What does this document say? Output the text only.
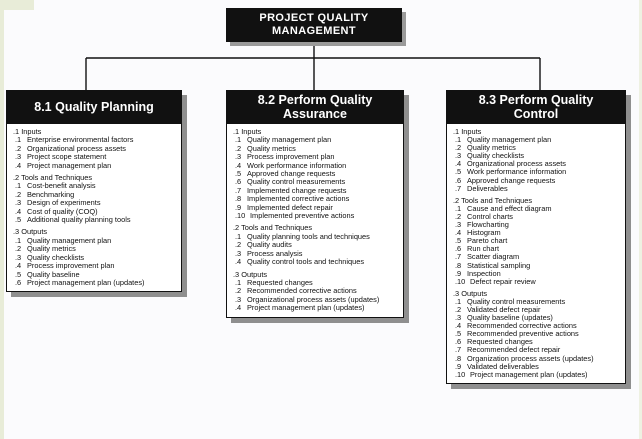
PROJECT QUALITY
MANAGEMENT
8.1 Quality Planning
.1 Inputs
.1 Enterprise environmental factors
.2 Organizational process assets
.3 Project scope statement
.4 Project management plan
.2 Tools and Techniques
.1 Cost-benefit analysis
.2 Benchmarking
.3 Design of experiments
.4 Cost of quality (COQ)
.5 Additional quality planning tools
.3 Outputs
.1 Quality management plan
.2 Quality metrics
.3 Quality checklists
.4 Process improvement plan
.5 Quality baseline
.6 Project management plan (updates)
8.2 Perform Quality
Assurance
.1 Inputs
.1 Quality management plan
.2 Quality metrics
.3 Process improvement plan
.4 Work performance information
.5 Approved change requests
.6 Quality control measurements
.7 Implemented change requests
.8 Implemented corrective actions
.9 Implemented defect repair
.10 Implemented preventive actions
.2 Tools and Techniques
.1 Quality planning tools and techniques
.2 Quality audits
.3 Process analysis
.4 Quality control tools and techniques
.3 Outputs
.1 Requested changes
.2 Recommended corrective actions
.3 Organizational process assets (updates)
.4 Project management plan (updates)
8.3 Perform Quality
Control
.1 Inputs
.1 Quality management plan
.2 Quality metrics
.3 Quality checklists
.4 Organizational process assets
.5 Work performance information
.6 Approved change requests
.7 Deliverables
.2 Tools and Techniques
.1 Cause and effect diagram
.2 Control charts
.3 Flowcharting
.4 Histogram
.5 Pareto chart
.6 Run chart
.7 Scatter diagram
.8 Statistical sampling
.9 Inspection
.10 Defect repair review
.3 Outputs
.1 Quality control measurements
.2 Validated defect repair
.3 Quality baseline (updates)
.4 Recommended corrective actions
.5 Recommended preventive actions
.6 Requested changes
.7 Recommended defect repair
.8 Organization process assets (updates)
.9 Validated deliverables
.10 Project management plan (updates)
